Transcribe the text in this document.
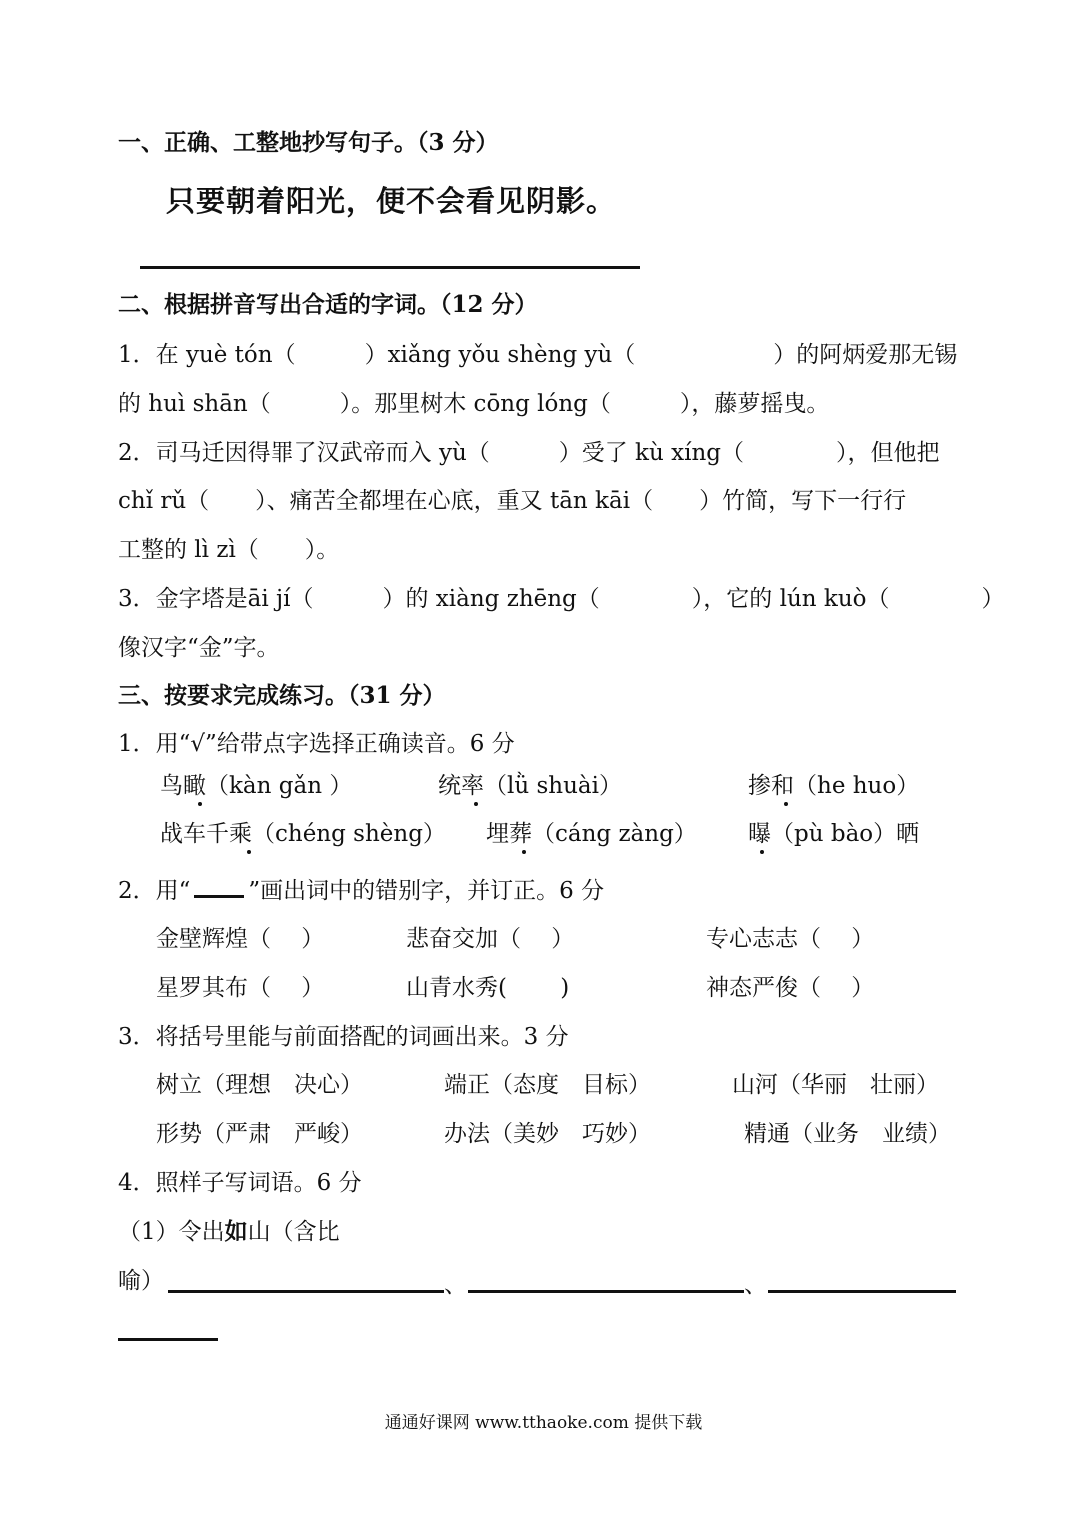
一、正确、工整地抄写句子。（3 分）
只要朝着阳光，便不会看见阴影。
二、根据拼音写出合适的字词。（12 分）
1．在 yuè tón（　　　）xiǎng yǒu shèng yù（　　　　　　）的阿炳爱那无锡
的 huì shān（　　　）。那里树木 cōng lóng（　　　），藤萝摇曳。
2．司马迁因得罪了汉武帝而入 yù（　　　）受了 kù xíng（　　　　），但他把
chǐ rǔ（　　）、痛苦全都埋在心底，重又 tān kāi（　　）竹简，写下一行行
工整的 lì zì（　　）。
3．金字塔是āi jí（　　　）的 xiàng zhēng（　　　　），它的 lún kuò（　　　　）
像汉字“金”字。
三、按要求完成练习。（31 分）
1．用“√”给带点字选择正确读音。6 分
鸟瞰（kàn gǎn ）	统率（lǜ shuài）	掺和（he huo）
战车千乘（chéng shèng） 埋葬（cáng zàng） 曝（pù bào）晒
2．用“	”画出词中的错别字，并订正。6 分
金壁辉煌（　 ）	悲奋交加（　 ）	专心志志（　 ）
星罗其布（　 ）	山青水秀(　 　)	神态严俊（　 ）
3．将括号里能与前面搭配的词画出来。3 分
树立（理想　决心）	端正（态度　目标）	山河（华丽　壮丽）
形势（严肃　严峻）	办法（美妙　巧妙）	精通（业务　业绩）
4．照样子写词语。6 分
（1）令出如山（含比
喻）	、	、
通通好课网 www.tthaoke.com 提供下载
